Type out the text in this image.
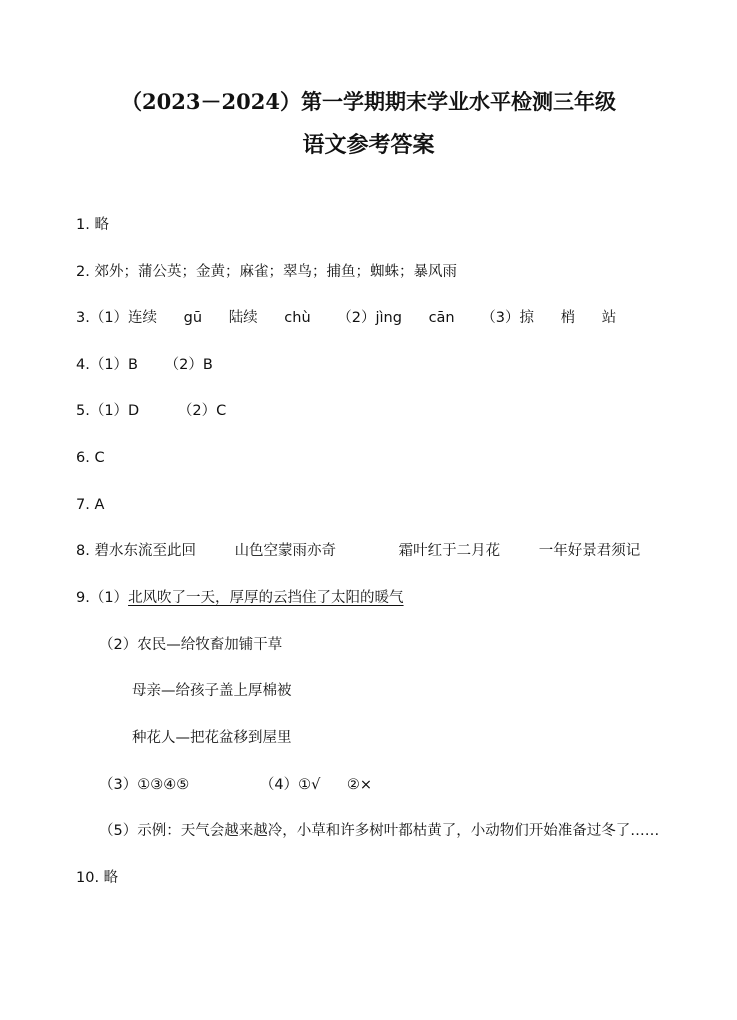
（2023－2024）第一学期期末学业水平检测三年级
语文参考答案
1. 略
2. 郊外；蒲公英；金黄；麻雀；翠鸟；捕鱼；蜘蛛；暴风雨
3.（1）连续 gū 陆续 chù （2）jìng cān （3）掠 梢 站
4.（1）B （2）B
5.（1）D	（2）C
6. C
7. A
8. 碧水东流至此回	山色空蒙雨亦奇	霜叶红于二月花	一年好景君须记
9.（1）北风吹了一天，厚厚的云挡住了太阳的暖气
（2）农民—给牧畜加铺干草
母亲—给孩子盖上厚棉被
种花人—把花盆移到屋里
（3）①③④⑤	（4）①√ ②×
（5）示例：天气会越来越冷，小草和许多树叶都枯黄了，小动物们开始准备过冬了……
10. 略
